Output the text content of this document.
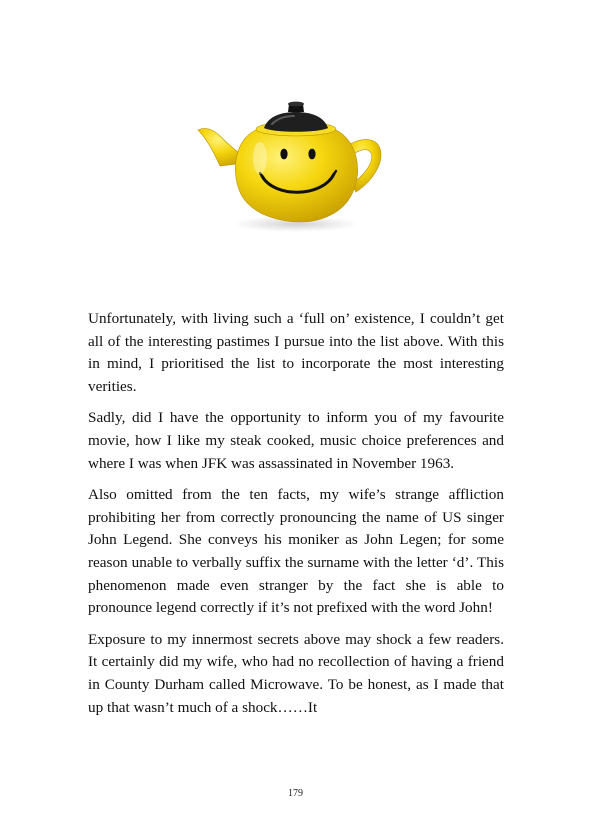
Unfortunately, with living such a ‘full on’ existence, I couldn’t get all of the interesting pastimes I pursue into the list above. With this in mind, I prioritised the list to incorporate the most interesting verities.

Sadly, did I have the opportunity to inform you of my favourite movie, how I like my steak cooked, music choice preferences and where I was when JFK was assassinated in November 1963.

Also omitted from the ten facts, my wife’s strange affliction prohibiting her from correctly pronouncing the name of US singer John Legend. She conveys his moniker as John Legen; for some reason unable to verbally suffix the surname with the letter ‘d’. This phenomenon made even stranger by the fact she is able to pronounce legend correctly if it’s not prefixed with the word John!

Exposure to my innermost secrets above may shock a few readers. It certainly did my wife, who had no recollection of having a friend in County Durham called Microwave. To be honest, as I made that up that wasn’t much of a shock……It

179
